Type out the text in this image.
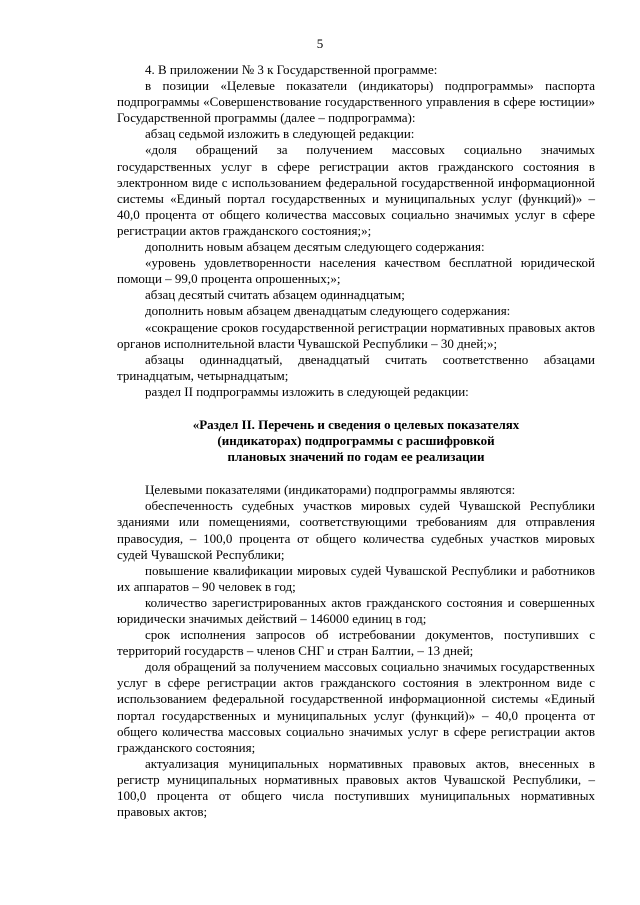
5

4. В приложении № 3 к Государственной программе:

в позиции «Целевые показатели (индикаторы) подпрограммы» паспорта подпрограммы «Совершенствование государственного управления в сфере юстиции» Государственной программы (далее – подпрограмма):

абзац седьмой изложить в следующей редакции:

«доля обращений за получением массовых социально значимых государственных услуг в сфере регистрации актов гражданского состояния в электронном виде с использованием федеральной государственной информационной системы «Единый портал государственных и муниципальных услуг (функций)» – 40,0 процента от общего количества массовых социально значимых услуг в сфере регистрации актов гражданского состояния;»;

дополнить новым абзацем десятым следующего содержания:

«уровень удовлетворенности населения качеством бесплатной юридической помощи – 99,0 процента опрошенных;»;

абзац десятый считать абзацем одиннадцатым;

дополнить новым абзацем двенадцатым следующего содержания:

«сокращение сроков государственной регистрации нормативных правовых актов органов исполнительной власти Чувашской Республики – 30 дней;»;

абзацы одиннадцатый, двенадцатый считать соответственно абзацами тринадцатым, четырнадцатым;

раздел II подпрограммы изложить в следующей редакции:

«Раздел II. Перечень и сведения о целевых показателях
(индикаторах) подпрограммы с расшифровкой
плановых значений по годам ее реализации

Целевыми показателями (индикаторами) подпрограммы являются:

обеспеченность судебных участков мировых судей Чувашской Республики зданиями или помещениями, соответствующими требованиям для отправления правосудия, – 100,0 процента от общего количества судебных участков мировых судей Чувашской Республики;

повышение квалификации мировых судей Чувашской Республики и работников их аппаратов – 90 человек в год;

количество зарегистрированных актов гражданского состояния и совершенных юридически значимых действий – 146000 единиц в год;

срок исполнения запросов об истребовании документов, поступивших с территорий государств – членов СНГ и стран Балтии, – 13 дней;

доля обращений за получением массовых социально значимых государственных услуг в сфере регистрации актов гражданского состояния в электронном виде с использованием федеральной государственной информационной системы «Единый портал государственных и муниципальных услуг (функций)» – 40,0 процента от общего количества массовых социально значимых услуг в сфере регистрации актов гражданского состояния;

актуализация муниципальных нормативных правовых актов, внесенных в регистр муниципальных нормативных правовых актов Чувашской Республики, – 100,0 процента от общего числа поступивших муниципальных нормативных правовых актов;
